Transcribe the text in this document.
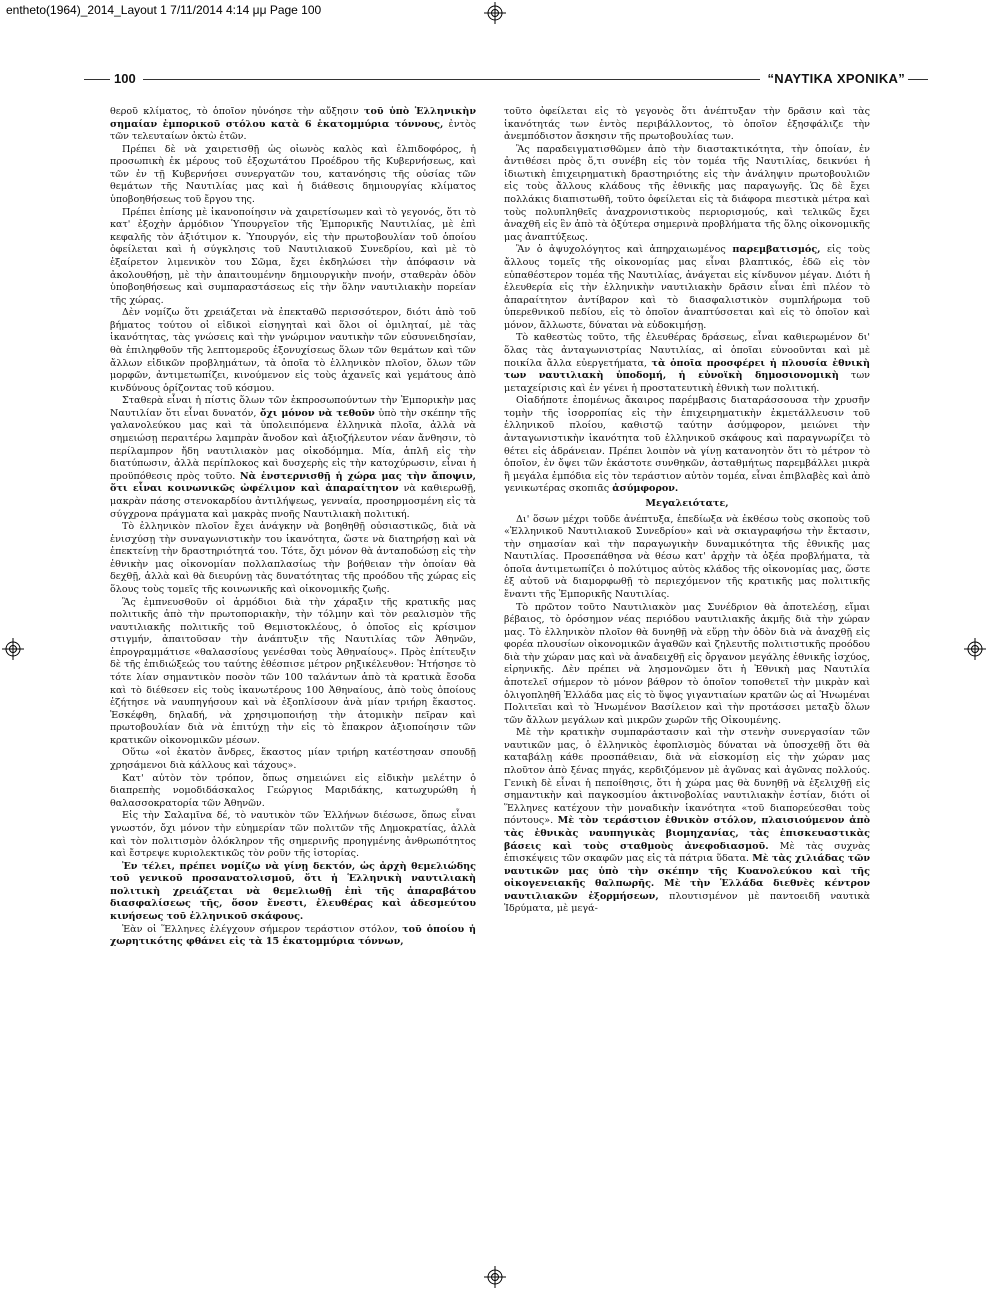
entheto(1964)_2014_Layout 1 7/11/2014 4:14 μμ Page 100
100	“ΝΑΥΤΙΚΑ ΧΡΟΝΙΚΑ”

θεροῦ κλίματος, τὸ ὁποῖον ηὐνόησε τὴν αὔξησιν τοῦ ὑπὸ Ἑλληνικὴν σημαίαν ἐμπορικοῦ στόλου κατὰ 6 ἑκατομμύρια τόννους, ἐντὸς τῶν τελευταίων ὀκτὼ ἐτῶν.

Πρέπει δὲ νὰ χαιρετισθῇ ὡς οἰωνὸς καλὸς καὶ ἐλπιδοφόρος, ἡ προσωπικὴ ἐκ μέρους τοῦ ἐξοχωτάτου Προέδρου τῆς Κυβερνήσεως, καὶ τῶν ἐν τῇ Κυβερνήσει συνεργατῶν του, κατανόησις τῆς οὐσίας τῶν θεμάτων τῆς Ναυτιλίας μας καὶ ἡ διάθεσις δημιουργίας κλίματος ὑποβοηθήσεως τοῦ ἔργου της.

Πρέπει ἐπίσης μὲ ἱκανοποίησιν νὰ χαιρετίσωμεν καὶ τὸ γεγονός, ὅτι τὸ κατ' ἐξοχὴν ἁρμόδιον Ὑπουργεῖον τῆς Ἐμπορικῆς Ναυτιλίας, μὲ ἐπὶ κεφαλῆς τὸν ἀξιότιμον κ. Ὑπουργόν, εἰς τὴν πρωτοβουλίαν τοῦ ὁποίου ὀφείλεται καὶ ἡ σύγκλησις τοῦ Ναυτιλιακοῦ Συνεδρίου, καὶ μὲ τὸ ἐξαίρετον λιμενικὸν του Σῶμα, ἔχει ἐκδηλώσει τὴν ἀπόφασιν νὰ ἀκολουθήσῃ, μὲ τὴν ἀπαιτουμένην δημιουργικὴν πνοήν, σταθερὰν ὁδὸν ὑποβοηθήσεως καὶ συμπαραστάσεως εἰς τὴν ὅλην ναυτιλιακὴν πορείαν τῆς χώρας.

Δὲν νομίζω ὅτι χρειάζεται νὰ ἐπεκταθῶ περισσότερον, διότι ἀπὸ τοῦ βήματος τούτου οἱ εἰδικοὶ εἰσηγηταὶ καὶ ὅλοι οἱ ὁμιληταί, μὲ τὰς ἱκανότητας, τὰς γνώσεις καὶ τὴν γνώριμον ναυτικὴν τῶν εὐσυνειδησίαν, θὰ ἐπιληφθοῦν τῆς λεπτομεροῦς ἐξονυχίσεως ὅλων τῶν θεμάτων καὶ τῶν ἄλλων εἰδικῶν προβλημάτων, τὰ ὁποῖα τὸ ἑλληνικὸν πλοῖον, ὅλων τῶν μορφῶν, ἀντιμετωπίζει, κινούμενον εἰς τοὺς ἀχανεῖς καὶ γεμάτους ἀπὸ κινδύνους ὁρίζοντας τοῦ κόσμου.

Σταθερὰ εἶναι ἡ πίστις ὅλων τῶν ἐκπροσωπούντων τὴν Ἐμπορικὴν μας Ναυτιλίαν ὅτι εἶναι δυνατόν, ὄχι μόνον νὰ τεθοῦν ὑπὸ τὴν σκέπην τῆς γαλανολεύκου μας καὶ τὰ ὑπολειπόμενα ἑλληνικὰ πλοῖα, ἀλλὰ νὰ σημειώσῃ περαιτέρω λαμπρὰν ἄνοδον καὶ ἀξιοζήλευτον νέαν ἄνθησιν, τὸ περίλαμπρον ἤδη ναυτιλιακὸν μας οἰκοδόμημα. Μία, ἁπλῆ εἰς τὴν διατύπωσιν, ἀλλὰ περίπλοκος καὶ δυσχερὴς εἰς τὴν κατοχύρωσιν, εἶναι ἡ προϋπόθεσις πρὸς τοῦτο. Νὰ ἐνστερνισθῇ ἡ χώρα μας τὴν ἄποψιν, ὅτι εἶναι κοινωνικῶς ὠφέλιμον καὶ ἀπαραίτητον νὰ καθιερωθῇ, μακρὰν πάσης στενοκαρδίου ἀντιλήψεως, γενναία, προσηρμοσμένη εἰς τὰ σύγχρονα πράγματα καὶ μακρὰς πνοῆς Ναυτιλιακὴ πολιτική.

Τὸ ἑλληνικὸν πλοῖον ἔχει ἀνάγκην νὰ βοηθηθῇ οὐσιαστικῶς, διὰ νὰ ἐνισχύσῃ τὴν συναγωνιστικὴν του ἱκανότητα, ὥστε νὰ διατηρήσῃ καὶ νὰ ἐπεκτείνῃ τὴν δραστηριότητά του. Τότε, ὄχι μόνον θὰ ἀνταποδώσῃ εἰς τὴν ἐθνικὴν μας οἰκονομίαν πολλαπλασίως τὴν βοήθειαν τὴν ὁποίαν θὰ δεχθῇ, ἀλλὰ καὶ θὰ διευρύνῃ τὰς δυνατότητας τῆς προόδου τῆς χώρας εἰς ὅλους τοὺς τομεῖς τῆς κοινωνικῆς καὶ οἰκονομικῆς ζωῆς.

Ἂς ἐμπνευσθοῦν οἱ ἁρμόδιοι διὰ τὴν χάραξιν τῆς κρατικῆς μας πολιτικῆς ἀπὸ τὴν πρωτοποριακὴν, τὴν τόλμην καὶ τὸν ρεαλισμὸν τῆς ναυτιλιακῆς πολιτικῆς τοῦ Θεμιστοκλέους, ὁ ὁποῖος εἰς κρίσιμον στιγμήν, ἀπαιτοῦσαν τὴν ἀνάπτυξιν τῆς Ναυτιλίας τῶν Ἀθηνῶν, ἐπρογραμμάτισε «θαλασσίους γενέσθαι τοὺς Ἀθηναίους». Πρὸς ἐπίτευξιν δὲ τῆς ἐπιδιώξεώς του ταύτης ἐθέσπισε μέτρον ρηξικέλευθον: Ἠτήσησε τὸ τότε λίαν σημαντικὸν ποσὸν τῶν 100 ταλάντων ἀπὸ τὰ κρατικὰ ἔσοδα καὶ τὸ διέθεσεν εἰς τοὺς ἱκανωτέρους 100 Ἀθηναίους, ἀπὸ τοὺς ὁποίους ἐζήτησε νὰ ναυπηγήσουν καὶ νὰ ἐξοπλίσουν ἀνὰ μίαν τριήρη ἕκαστος. Ἐσκέφθη, δηλαδή, νὰ χρησιμοποιήσῃ τὴν ἀτομικὴν πεῖραν καὶ πρωτοβουλίαν διὰ νὰ ἐπιτύχῃ τὴν εἰς τὸ ἔπακρον ἀξιοποίησιν τῶν κρατικῶν οἰκονομικῶν μέσων.

Οὕτω «οἱ ἑκατὸν ἄνδρες, ἕκαστος μίαν τριήρη κατέστησαν σπουδῇ χρησάμενοι διὰ κάλλους καὶ τάχους».

Κατ' αὐτὸν τὸν τρόπον, ὅπως σημειώνει εἰς εἰδικὴν μελέτην ὁ διαπρεπὴς νομοδιδάσκαλος Γεώργιος Μαριδάκης, κατωχυρώθη ἡ θαλασσοκρατορία τῶν Ἀθηνῶν.

Εἰς τὴν Σαλαμῖνα δέ, τὸ ναυτικὸν τῶν Ἑλλήνων διέσωσε, ὅπως εἶναι γνωστόν, ὄχι μόνον τὴν εὐημερίαν τῶν πολιτῶν τῆς Δημοκρατίας, ἀλλὰ καὶ τὸν πολιτισμὸν ὁλόκληρον τῆς σημερινῆς προηγμένης ἀνθρωπότητος καὶ ἔστρεψε κυριολεκτικῶς τὸν ροῦν τῆς ἱστορίας.

Ἐν τέλει, πρέπει νομίζω νὰ γίνῃ δεκτόν, ὡς ἀρχὴ θεμελιώδης τοῦ γενικοῦ προσανατολισμοῦ, ὅτι ἡ Ἑλληνικὴ ναυτιλιακὴ πολιτικὴ χρειάζεται νὰ θεμελιωθῇ ἐπὶ τῆς ἀπαραβάτου διασφαλίσεως τῆς, ὅσον ἔνεστι, ἐλευθέρας καὶ ἀδεσμεύτου κινήσεως τοῦ ἑλληνικοῦ σκάφους.

Ἐὰν οἱ Ἕλληνες ἐλέγχουν σήμερον τεράστιον στόλον, τοῦ ὁποίου ἡ χωρητικότης φθάνει εἰς τὰ 15 ἑκατομμύρια τόννων,

τοῦτο ὀφείλεται εἰς τὸ γεγονὸς ὅτι ἀνέπτυξαν τὴν δρᾶσιν καὶ τὰς ἱκανότητάς των ἐντὸς περιβάλλοντος, τὸ ὁποῖον ἐξησφάλιζε τὴν ἀνεμπόδιστον ἄσκησιν τῆς πρωτοβουλίας των.

Ἂς παραδειγματισθῶμεν ἀπὸ τὴν διαστακτικότητα, τὴν ὁποίαν, ἐν ἀντιθέσει πρὸς ὅ,τι συνέβη εἰς τὸν τομέα τῆς Ναυτιλίας, δεικνύει ἡ ἰδιωτικὴ ἐπιχειρηματικὴ δραστηριότης εἰς τὴν ἀνάληψιν πρωτοβουλιῶν εἰς τοὺς ἄλλους κλάδους τῆς ἐθνικῆς μας παραγωγῆς. Ὡς δὲ ἔχει πολλάκις διαπιστωθῆ, τοῦτο ὀφείλεται εἰς τὰ διάφορα πιεστικὰ μέτρα καὶ τοὺς πολυπληθεῖς ἀναχρονιστικοὺς περιορισμούς, καὶ τελικῶς ἔχει ἀναχθῆ εἰς ἓν ἀπὸ τὰ ὀξύτερα σημερινὰ προβλήματα τῆς ὅλης οἰκονομικῆς μας ἀναπτύξεως.

Ἂν ὁ ἀψυχολόγητος καὶ ἀπηρχαιωμένος παρεμβατισμός, εἰς τοὺς ἄλλους τομεῖς τῆς οἰκονομίας μας εἶναι βλαπτικός, ἐδῶ εἰς τὸν εὐπαθέστερον τομέα τῆς Ναυτιλίας, ἀνάγεται εἰς κίνδυνον μέγαν. Διότι ἡ ἐλευθερία εἰς τὴν ἑλληνικὴν ναυτιλιακὴν δρᾶσιν εἶναι ἐπὶ πλέον τὸ ἀπαραίτητον ἀντίβαρον καὶ τὸ διασφαλιστικὸν συμπλήρωμα τοῦ ὑπερεθνικοῦ πεδίου, εἰς τὸ ὁποῖον ἀναπτύσσεται καὶ εἰς τὸ ὁποῖον καὶ μόνον, ἄλλωστε, δύναται νὰ εὐδοκιμήσῃ.

Τὸ καθεστὼς τοῦτο, τῆς ἐλευθέρας δράσεως, εἶναι καθιερωμένον δι' ὅλας τὰς ἀνταγωνιστρίας Ναυτιλίας, αἱ ὁποῖαι εὐνοοῦνται καὶ μὲ ποικίλα ἄλλα εὐεργετήματα, τὰ ὁποῖα προσφέρει ἡ πλουσία ἐθνικὴ των ναυτιλιακὴ ὑποδομή, ἡ εὐνοϊκὴ δημοσιονομικὴ των μεταχείρισις καὶ ἐν γένει ἡ προστατευτικὴ ἐθνικὴ των πολιτική.

Οἱαδήποτε ἐπομένως ἄκαιρος παρέμβασις διαταράσσουσα τὴν χρυσῆν τομὴν τῆς ἰσορροπίας εἰς τὴν ἐπιχειρηματικὴν ἐκμετάλλευσιν τοῦ ἑλληνικοῦ πλοίου, καθιστῷ ταύτην ἀσύμφορον, μειώνει τὴν ἀνταγωνιστικὴν ἱκανότητα τοῦ ἑλληνικοῦ σκάφους καὶ παραγνωρίζει τὸ θέτει εἰς ἀδράνειαν. Πρέπει λοιπὸν νὰ γίνῃ κατανοητὸν ὅτι τὸ μέτρον τὸ ὁποῖον, ἐν ὄψει τῶν ἑκάστοτε συνθηκῶν, ἀσταθμήτως παρεμβάλλει μικρὰ ἢ μεγάλα ἐμπόδια εἰς τὸν τεράστιον αὐτὸν τομέα, εἶναι ἐπιβλαβὲς καὶ ἀπὸ γενικωτέρας σκοπιᾶς ἀσύμφορον.

Μεγαλειότατε,

Δι' ὅσων μέχρι τοῦδε ἀνέπτυξα, ἐπεδίωξα νὰ ἐκθέσω τοὺς σκοποὺς τοῦ «Ἑλληνικοῦ Ναυτιλιακοῦ Συνεδρίου» καὶ νὰ σκιαγραφήσω τὴν ἔκτασιν, τὴν σημασίαν καὶ τὴν παραγωγικὴν δυναμικότητα τῆς ἐθνικῆς μας Ναυτιλίας. Προσεπάθησα νὰ θέσω κατ' ἀρχὴν τὰ ὀξέα προβλήματα, τὰ ὁποῖα ἀντιμετωπίζει ὁ πολύτιμος αὐτὸς κλάδος τῆς οἰκονομίας μας, ὥστε ἐξ αὐτοῦ νὰ διαμορφωθῇ τὸ περιεχόμενον τῆς κρατικῆς μας πολιτικῆς ἔναντι τῆς Ἐμπορικῆς Ναυτιλίας.

Τὸ πρῶτον τοῦτο Ναυτιλιακὸν μας Συνέδριον θὰ ἀποτελέσῃ, εἴμαι βέβαιος, τὸ ὁρόσημον νέας περιόδου ναυτιλιακῆς ἀκμῆς διὰ τὴν χώραν μας. Τὸ ἑλληνικὸν πλοῖον θὰ δυνηθῇ νὰ εὕρῃ τὴν ὁδὸν διὰ νὰ ἀναχθῇ εἰς φορέα πλουσίων οἰκονομικῶν ἀγαθῶν καὶ ζηλευτῆς πολιτιστικῆς προόδου διὰ τὴν χώραν μας καὶ νὰ ἀναδειχθῇ εἰς ὄργανον μεγάλης ἐθνικῆς ἰσχύος, εἰρηνικῆς. Δὲν πρέπει νὰ λησμονῶμεν ὅτι ἡ Ἐθνικὴ μας Ναυτιλία ἀποτελεῖ σήμερον τὸ μόνον βάθρον τὸ ὁποῖον τοποθετεῖ τὴν μικρὰν καὶ ὀλιγοπληθῆ Ἑλλάδα μας εἰς τὸ ὕψος γιγαντιαίων κρατῶν ὡς αἱ Ἡνωμέναι Πολιτεῖαι καὶ τὸ Ἡνωμένον Βασίλειον καὶ τὴν προτάσσει μεταξὺ ὅλων τῶν ἄλλων μεγάλων καὶ μικρῶν χωρῶν τῆς Οἰκουμένης.

Μὲ τὴν κρατικὴν συμπαράστασιν καὶ τὴν στενὴν συνεργασίαν τῶν ναυτικῶν μας, ὁ ἑλληνικὸς ἐφοπλισμὸς δύναται νὰ ὑποσχεθῇ ὅτι θὰ καταβάλῃ κάθε προσπάθειαν, διὰ νὰ εἰσκομίσῃ εἰς τὴν χώραν μας πλοῦτον ἀπὸ ξένας πηγάς, κερδιζόμενον μὲ ἀγῶνας καὶ ἀγῶνας πολλούς. Γενικὴ δὲ εἶναι ἡ πεποίθησις, ὅτι ἡ χώρα μας θὰ δυνηθῇ νὰ ἐξελιχθῇ εἰς σημαντικὴν καὶ παγκοσμίου ἀκτινοβολίας ναυτιλιακὴν ἑστίαν, διότι οἱ Ἕλληνες κατέχουν τὴν μοναδικὴν ἱκανότητα «τοῦ διαπορεύεσθαι τοὺς πόντους». Μὲ τὸν τεράστιον ἐθνικὸν στόλον, πλαισιούμενον ἀπὸ τὰς ἐθνικὰς ναυπηγικὰς βιομηχανίας, τὰς ἐπισκευαστικὰς βάσεις καὶ τοὺς σταθμοὺς ἀνεφοδιασμοῦ. Μὲ τὰς συχνὰς ἐπισκέψεις τῶν σκαφῶν μας εἰς τὰ πάτρια ὕδατα. Μὲ τὰς χιλιάδας τῶν ναυτικῶν μας ὑπὸ τὴν σκέπην τῆς Κυανολεύκου καὶ τῆς οἰκογενειακῆς θαλπωρῆς. Μὲ τὴν Ἑλλάδα διεθνὲς κέντρον ναυτιλιακῶν ἐξορμήσεων, πλουτισμένον μὲ παντοειδῆ ναυτικὰ Ἱδρύματα, μὲ μεγά-
